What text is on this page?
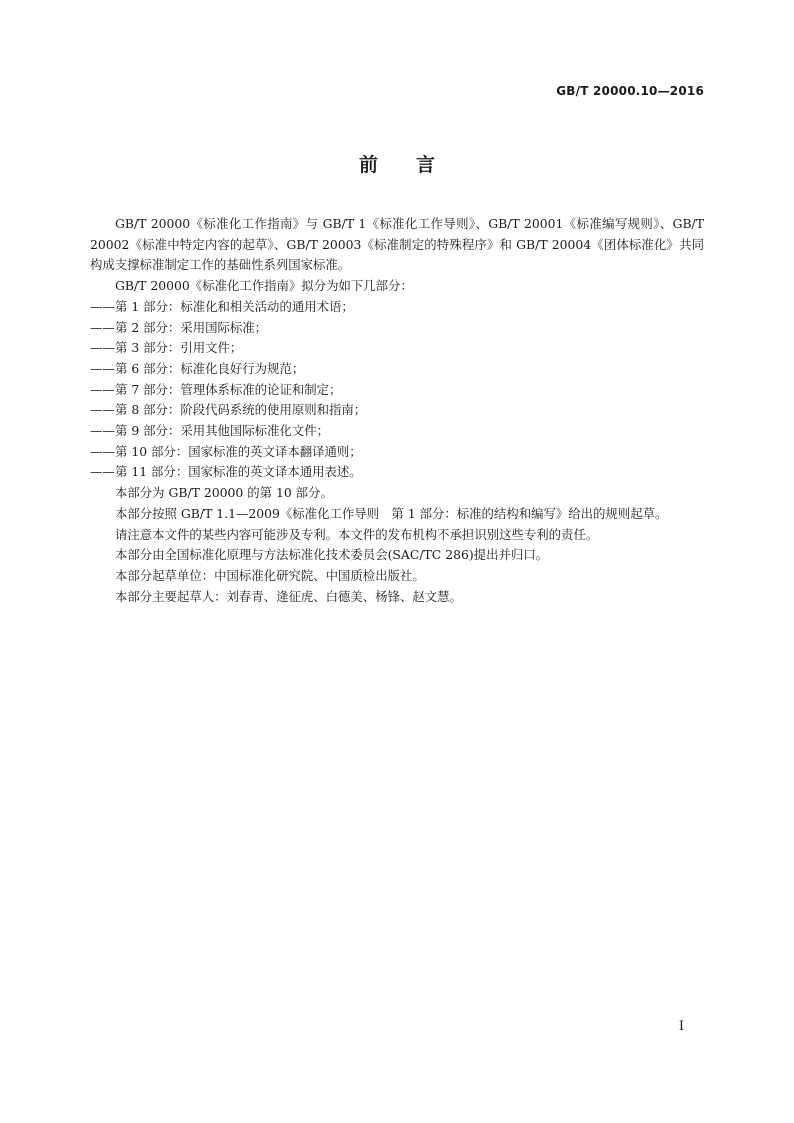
GB/T 20000.10—2016
前言

GB/T 20000《标准化工作指南》与 GB/T 1《标准化工作导则》、GB/T 20001《标准编写规则》、GB/T 20002《标准中特定内容的起草》、GB/T 20003《标准制定的特殊程序》和 GB/T 20004《团体标准化》共同构成支撑标准制定工作的基础性系列国家标准。

GB/T 20000《标准化工作指南》拟分为如下几部分：

——第 1 部分：标准化和相关活动的通用术语；

——第 2 部分：采用国际标准；

——第 3 部分：引用文件；

——第 6 部分：标准化良好行为规范；

——第 7 部分：管理体系标准的论证和制定；

——第 8 部分：阶段代码系统的使用原则和指南；

——第 9 部分：采用其他国际标准化文件；

——第 10 部分：国家标准的英文译本翻译通则；

——第 11 部分：国家标准的英文译本通用表述。

本部分为 GB/T 20000 的第 10 部分。

本部分按照 GB/T 1.1—2009《标准化工作导则　第 1 部分：标准的结构和编写》给出的规则起草。

请注意本文件的某些内容可能涉及专利。本文件的发布机构不承担识别这些专利的责任。

本部分由全国标准化原理与方法标准化技术委员会(SAC/TC 286)提出并归口。

本部分起草单位：中国标准化研究院、中国质检出版社。

本部分主要起草人：刘春青、逄征虎、白德美、杨锋、赵文慧。

I
